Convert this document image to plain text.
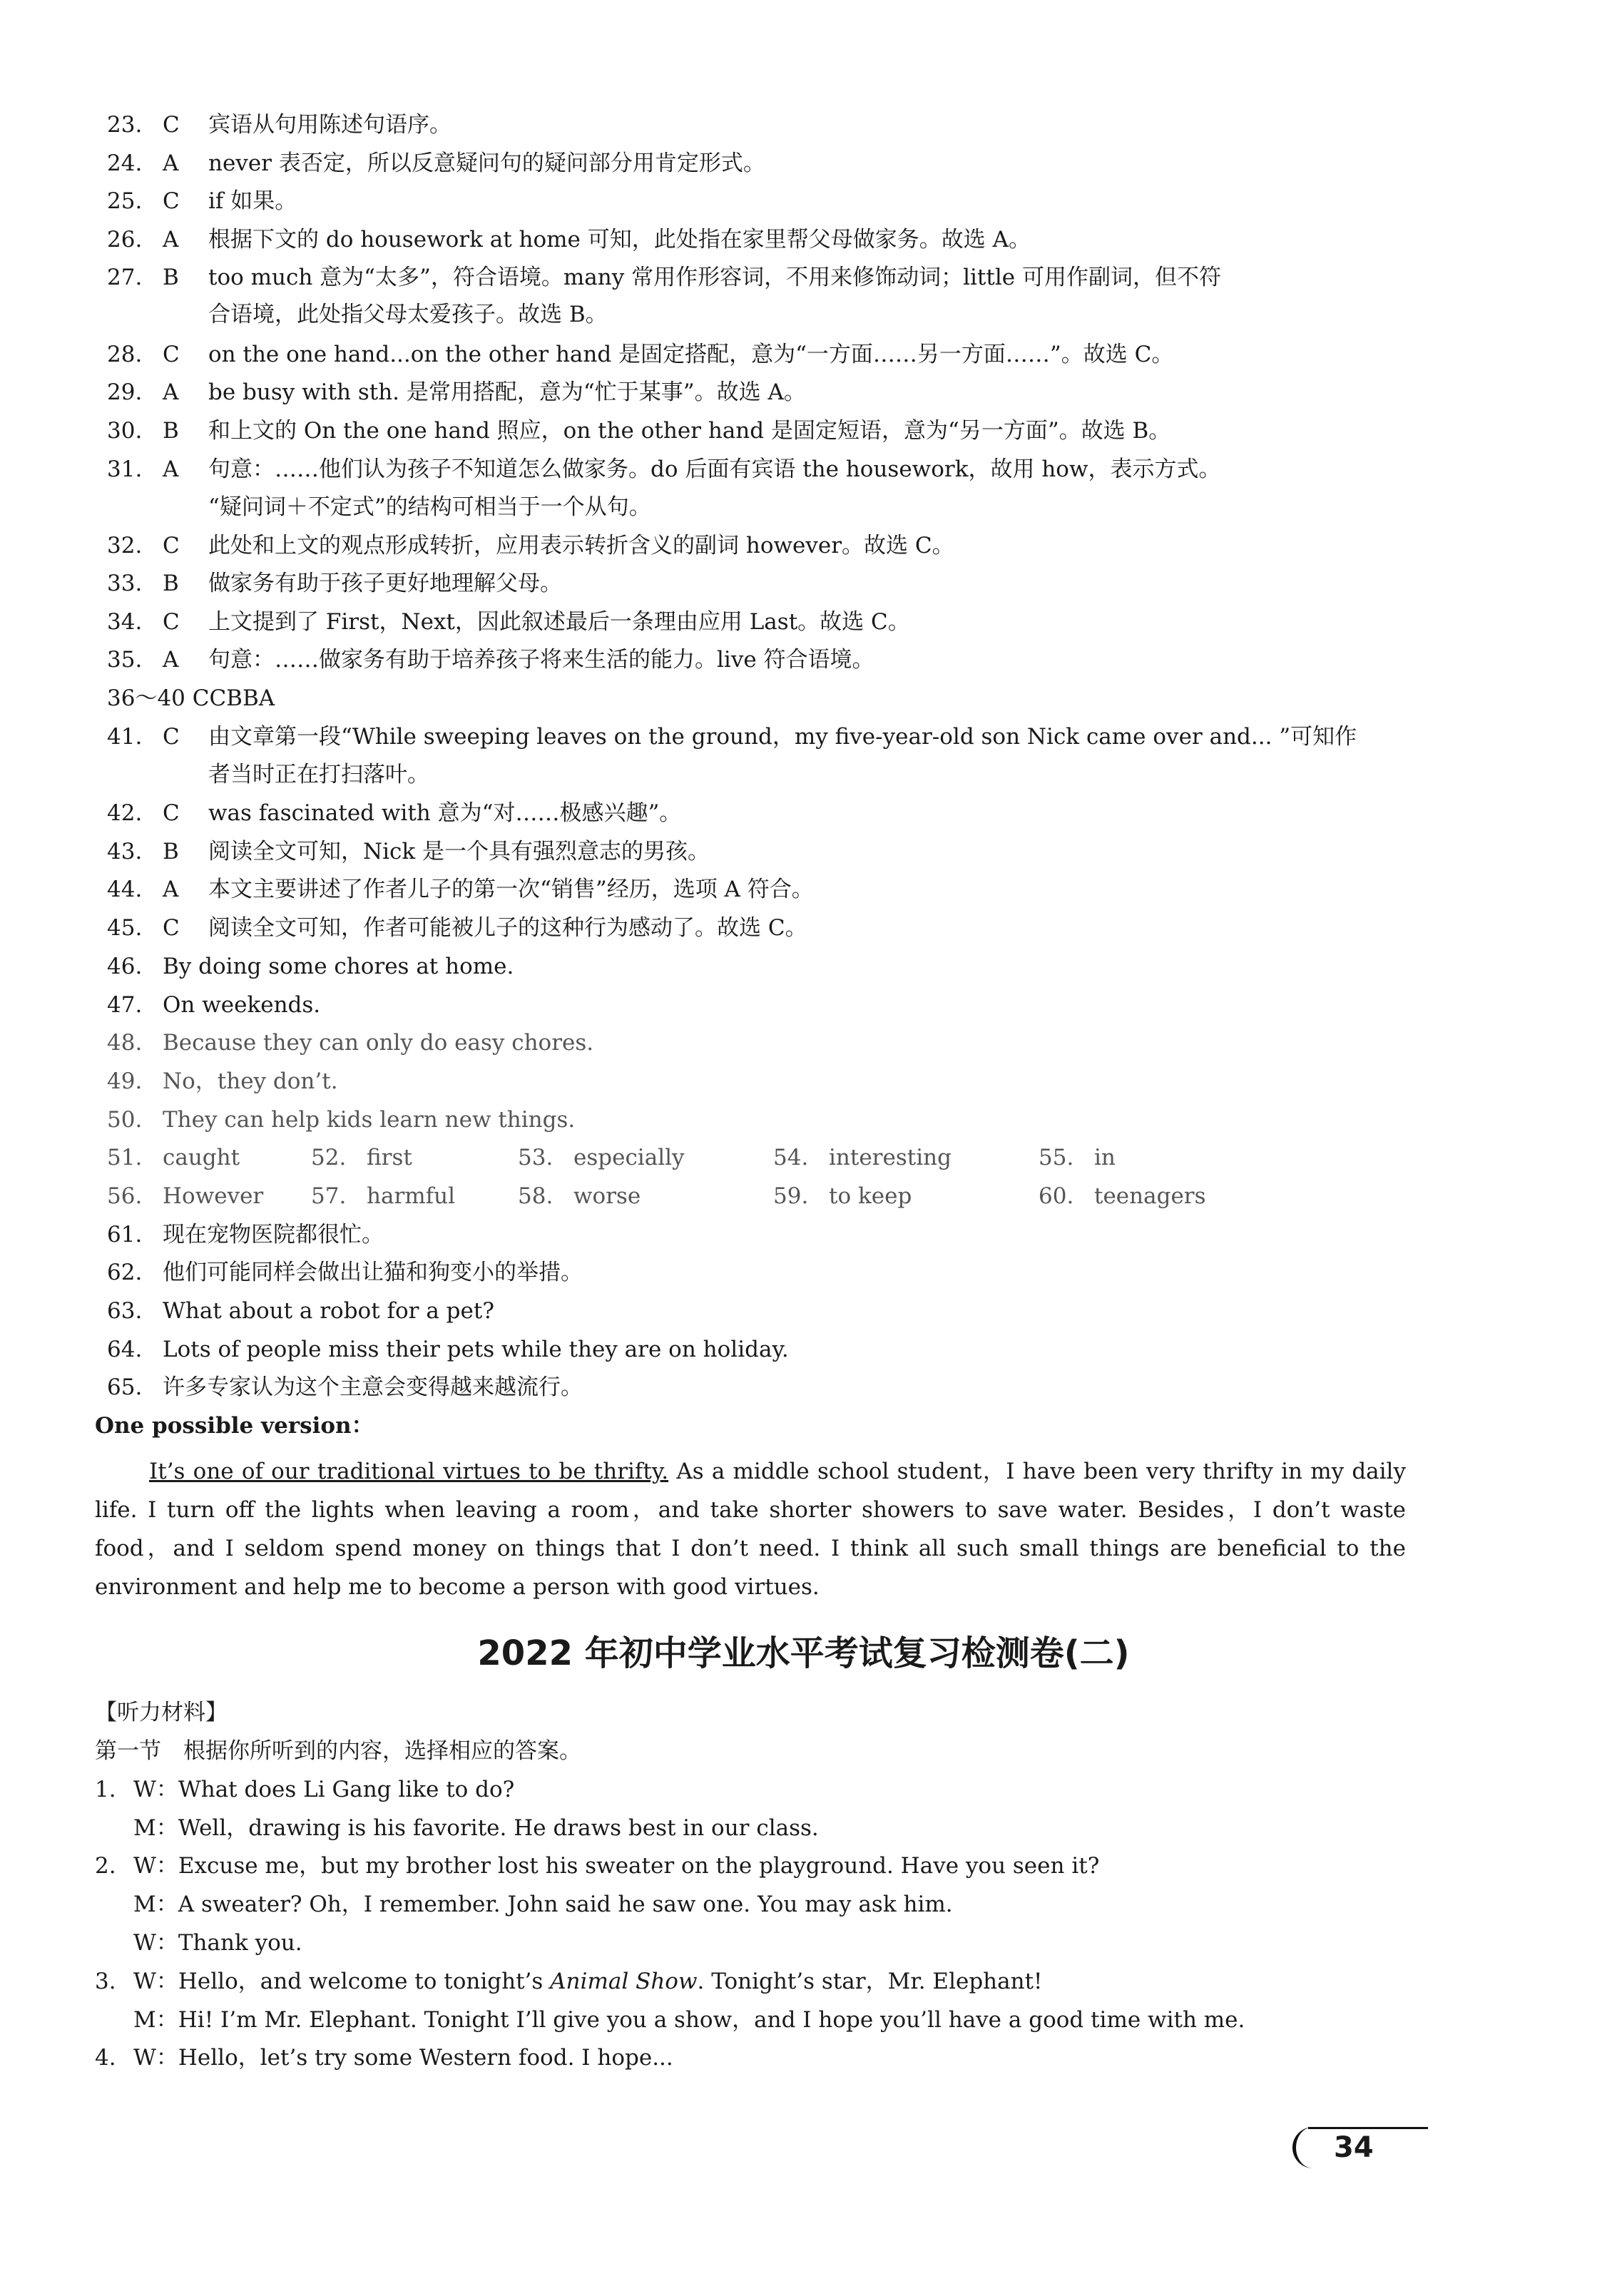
23. C 宾语从句用陈述句语序。

24. A never 表否定，所以反意疑问句的疑问部分用肯定形式。

25. C if 如果。

26. A 根据下文的 do housework at home 可知，此处指在家里帮父母做家务。故选 A。

27. B too much 意为“太多”，符合语境。many 常用作形容词，不用来修饰动词；little 可用作副词，但不符

合语境，此处指父母太爱孩子。故选 B。

28. C on the one hand...on the other hand 是固定搭配，意为“一方面……另一方面……”。故选 C。

29. A be busy with sth. 是常用搭配，意为“忙于某事”。故选 A。

30. B 和上文的 On the one hand 照应，on the other hand 是固定短语，意为“另一方面”。故选 B。

31. A 句意：……他们认为孩子不知道怎么做家务。do 后面有宾语 the housework，故用 how，表示方式。

“疑问词＋不定式”的结构可相当于一个从句。

32. C 此处和上文的观点形成转折，应用表示转折含义的副词 however。故选 C。

33. B 做家务有助于孩子更好地理解父母。

34. C 上文提到了 First，Next，因此叙述最后一条理由应用 Last。故选 C。

35. A 句意：……做家务有助于培养孩子将来生活的能力。live 符合语境。

36～40 CCBBA

41. C 由文章第一段“While sweeping leaves on the ground，my five-year-old son Nick came over and... ”可知作

者当时正在打扫落叶。

42. C was fascinated with 意为“对……极感兴趣”。

43. B 阅读全文可知，Nick 是一个具有强烈意志的男孩。

44. A 本文主要讲述了作者儿子的第一次“销售”经历，选项 A 符合。

45. C 阅读全文可知，作者可能被儿子的这种行为感动了。故选 C。

46. By doing some chores at home.

47. On weekends.

48. Because they can only do easy chores.

49. No，they don’t.

50. They can help kids learn new things.

51. caught	52. first	53. especially	54. interesting	55. in

56. However 57. harmful	58. worse	59. to keep	60. teenagers

61. 现在宠物医院都很忙。

62. 他们可能同样会做出让猫和狗变小的举措。

63. What about a robot for a pet?

64. Lots of people miss their pets while they are on holiday.

65. 许多专家认为这个主意会变得越来越流行。

One possible version：

It’s one of our traditional virtues to be thrifty. As a middle school student，I have been very thrifty in my daily life. I turn off the lights when leaving a room，and take shorter showers to save water. Besides，I don’t waste food，and I seldom spend money on things that I don’t need. I think all such small things are beneficial to the environment and help me to become a person with good virtues.

2022 年初中学业水平考试复习检测卷(二)

【听力材料】

第一节　根据你所听到的内容，选择相应的答案。

1. W：What does Li Gang like to do?

M：Well，drawing is his favorite. He draws best in our class.

2. W：Excuse me，but my brother lost his sweater on the playground. Have you seen it?

M：A sweater? Oh，I remember. John said he saw one. You may ask him.

W：Thank you.

3. W：Hello，and welcome to tonight’s Animal Show. Tonight’s star，Mr. Elephant!

M：Hi! I’m Mr. Elephant. Tonight I’ll give you a show，and I hope you’ll have a good time with me.

4. W：Hello，let’s try some Western food. I hope...

34
